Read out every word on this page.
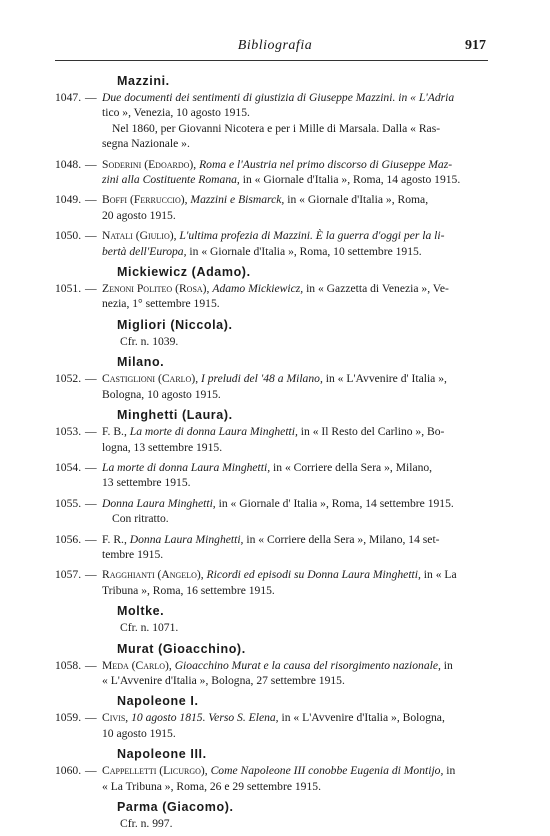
Bibliografia	917
Mazzini.
1047. — Due documenti dei sentimenti di giustizia di Giuseppe Mazzini. in « L'Adria
tico », Venezia, 10 agosto 1915.
Nel 1860, per Giovanni Nicotera e per i Mille di Marsala. Dalla « Ras-
segna Nazionale ».
1048. — Soderini (Edoardo), Roma e l'Austria nel primo discorso di Giuseppe Maz-
zini alla Costituente Romana, in « Giornale d'Italia », Roma, 14 agosto 1915.
1049. — Boffi (Ferruccio), Mazzini e Bismarck, in « Giornale d'Italia », Roma,
20 agosto 1915.
1050. — Natali (Giulio), L'ultima profezia di Mazzini. È la guerra d'oggi per la li-
bertà dell'Europa, in « Giornale d'Italia », Roma, 10 settembre 1915.
Mickiewicz (Adamo).
1051. — Zenoni Politeo (Rosa), Adamo Mickiewicz, in « Gazzetta di Venezia », Ve-
nezia, 1° settembre 1915.
Migliori (Niccola).
Cfr. n. 1039.
Milano.
1052. — Castiglioni (Carlo), I preludi del '48 a Milano, in « L'Avvenire d' Italia »,
Bologna, 10 agosto 1915.
Minghetti (Laura).
1053. — F. B., La morte di donna Laura Minghetti, in « Il Resto del Carlino », Bo-
logna, 13 settembre 1915.
1054. — La morte di donna Laura Minghetti, in « Corriere della Sera », Milano,
13 settembre 1915.
1055. — Donna Laura Minghetti, in « Giornale d' Italia », Roma, 14 settembre 1915.
Con ritratto.
1056. — F. R., Donna Laura Minghetti, in « Corriere della Sera », Milano, 14 set-
tembre 1915.
1057. — Ragghianti (Angelo), Ricordi ed episodi su Donna Laura Minghetti, in « La
Tribuna », Roma, 16 settembre 1915.
Moltke.
Cfr. n. 1071.
Murat (Gioacchino).
1058. — Meda (Carlo), Gioacchino Murat e la causa del risorgimento nazionale, in
« L'Avvenire d'Italia », Bologna, 27 settembre 1915.
Napoleone I.
1059. — Civis, 10 agosto 1815. Verso S. Elena, in « L'Avvenire d'Italia », Bologna,
10 agosto 1915.
Napoleone III.
1060. — Cappelletti (Licurgo), Come Napoleone III conobbe Eugenia di Montijo, in
« La Tribuna », Roma, 26 e 29 settembre 1915.
Parma (Giacomo).
Cfr. n. 997.
